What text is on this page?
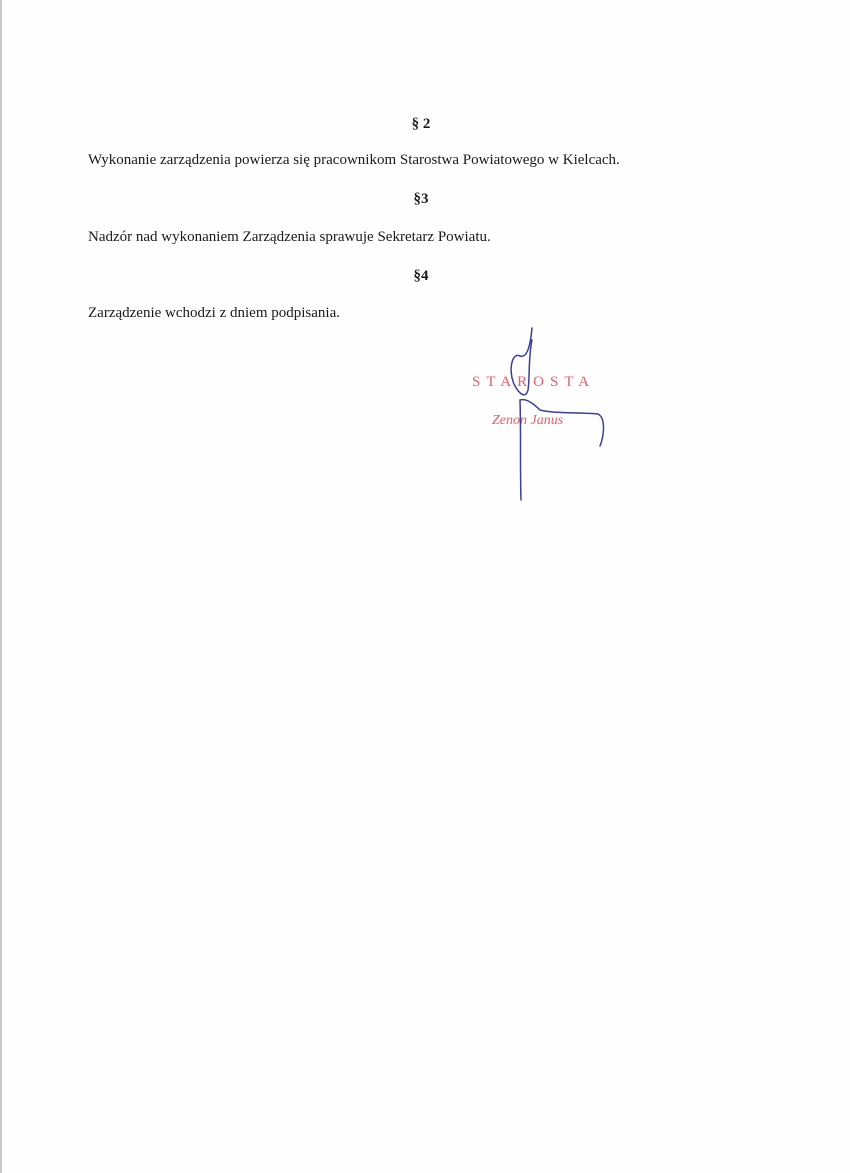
§ 2
Wykonanie zarządzenia powierza się pracownikom Starostwa Powiatowego w Kielcach.
§3
Nadzór nad wykonaniem Zarządzenia sprawuje Sekretarz Powiatu.
§4
Zarządzenie wchodzi z dniem podpisania.
STAROSTA
Zenon Janus
